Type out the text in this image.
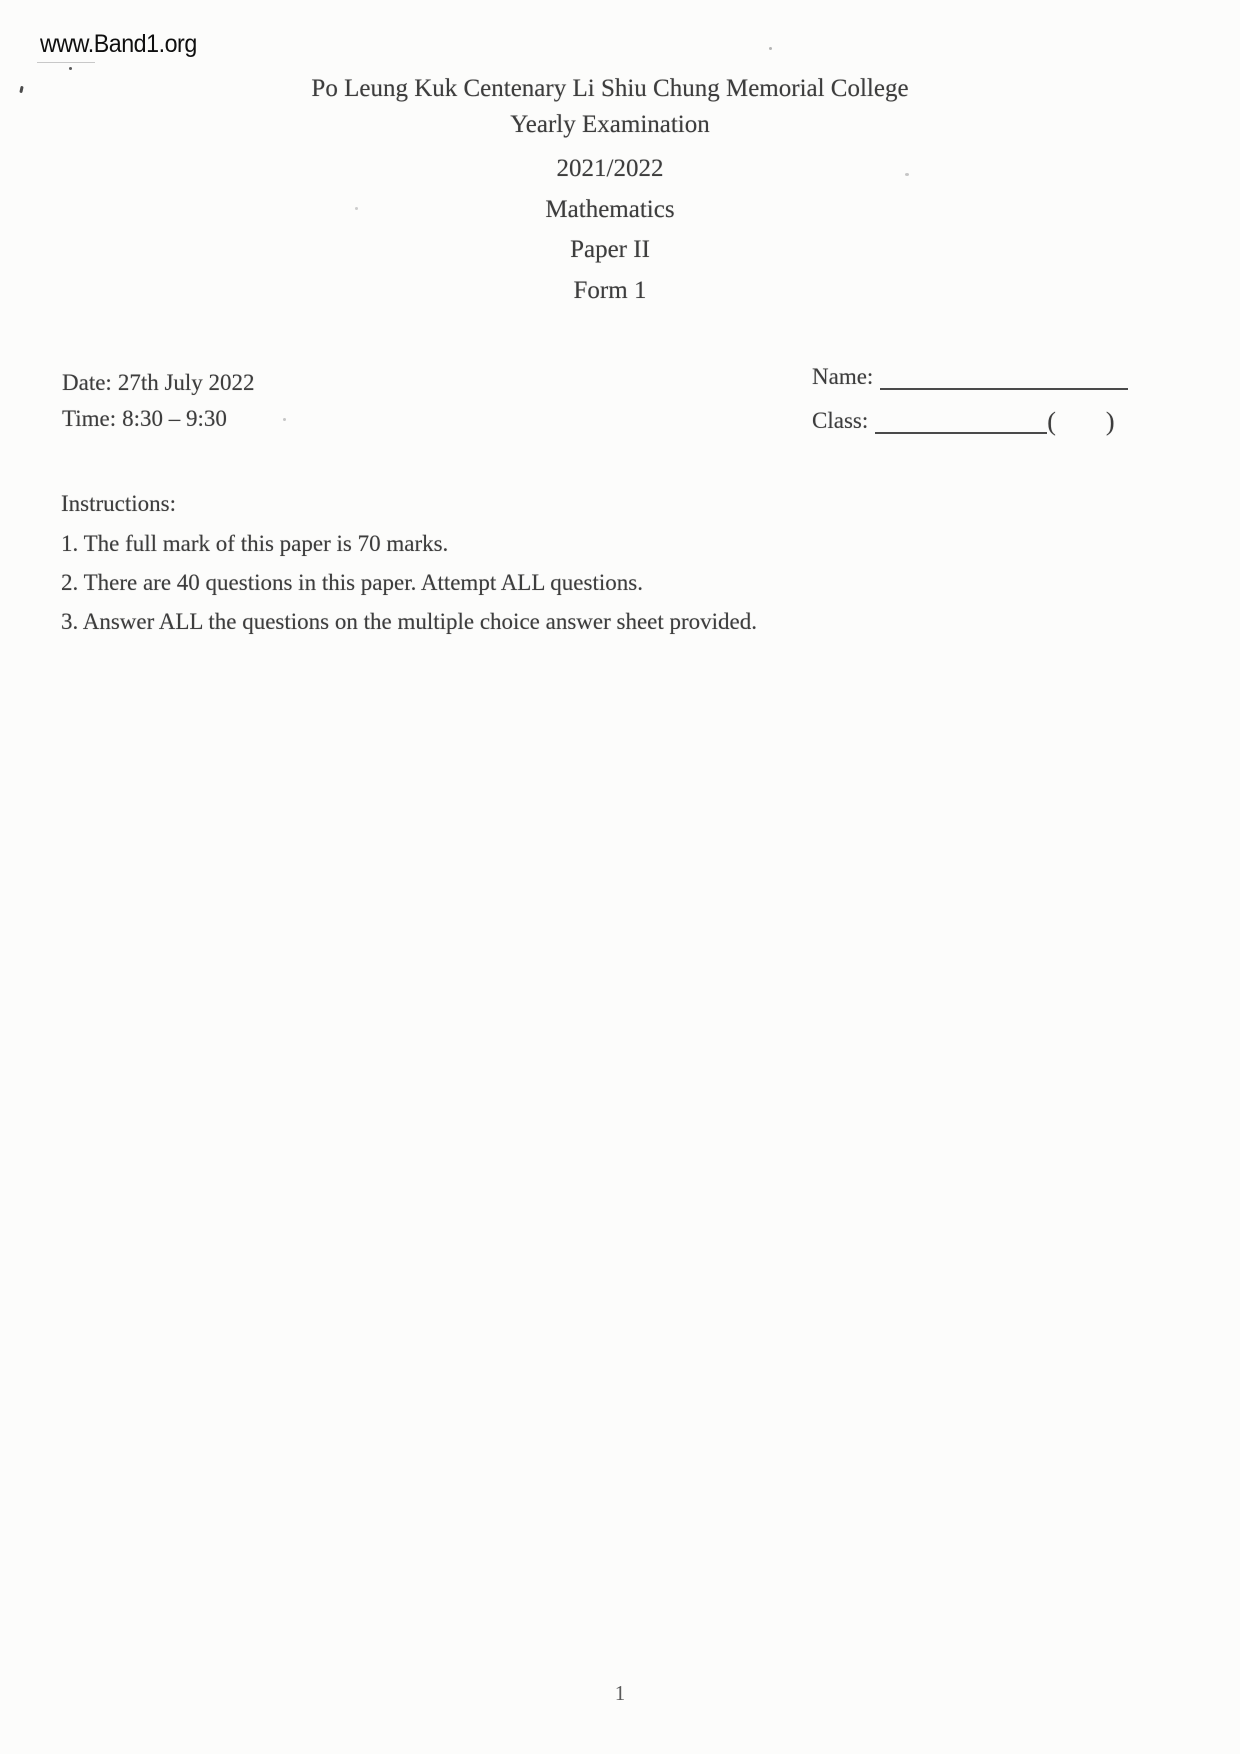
www.Band1.org
Po Leung Kuk Centenary Li Shiu Chung Memorial College
Yearly Examination
2021/2022
Mathematics
Paper II
Form 1
Date: 27th July 2022
Time: 8:30 – 9:30
Name:
Class:	( )
Instructions:
1. The full mark of this paper is 70 marks.
2. There are 40 questions in this paper. Attempt ALL questions.
3. Answer ALL the questions on the multiple choice answer sheet provided.
1
